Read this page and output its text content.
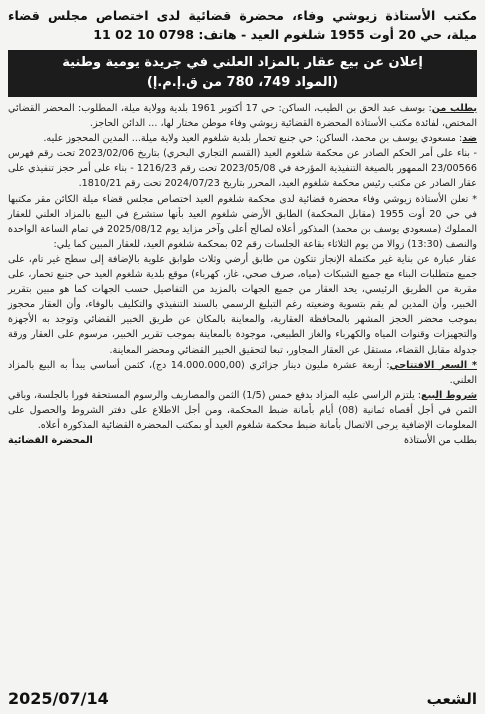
مكتب الأستاذة زيوشي وفاء، محضرة قضائية لدى اختصاص مجلس قضاء ميلة، حي 20 أوت 1955 شلغوم العيد - هاتف: 0798 10 02 11
إعلان عن بيع عقار بالمزاد العلني في جريدة يومية وطنية
(المواد 749، 780 من ق.إ.م.إ)

بطلب من: بوسف عبد الحق بن الطيب، الساكن: حي 17 أكتوبر 1961 بلدية وولاية ميلة، المطلوب: المحضر القضائي المختص، لفائدة مكتب الأستاذة المحضرة القضائية زيوشي وفاء موطن مختار لها، ... الدائن الحاجز.

ضد: مسعودي يوسف بن محمد، الساكن: حي جنبع تحمار بلدية شلغوم العيد ولاية ميلة... المدين المحجوز عليه.

- بناء على أمر الحكم الصادر عن محكمة شلغوم العيد (القسم التجاري البحري) بتاريخ 2023/02/06 تحت رقم فهرس 23/00566 الممهور بالصيغة التنفيذية المؤرخة في 2023/05/08 تحت رقم 1216/23 - بناء على أمر حجز تنفيذي على عقار الصادر عن مكتب رئيس محكمة شلغوم العيد، المحرر بتاريخ 2024/07/23 تحت رقم 1810/21.

* تعلن الأستاذة زيوشي وفاء محضرة قضائية لدى محكمة شلغوم العيد اختصاص مجلس قضاء ميلة الكائن مقر مكتبها في حي 20 أوت 1955 (مقابل المحكمة) الطابق الأرضي شلغوم العيد بأنها ستشرع في البيع بالمزاد العلني للعقار المملوك (مسعودي يوسف بن محمد) المذكور أعلاه لصالح أعلى وآخر مزايد يوم 2025/08/12 في تمام الساعة الواحدة والنصف (13:30) زوالا من يوم الثلاثاء بقاعة الجلسات رقم 02 بمحكمة شلغوم العيد، للعقار المبين كما يلي:

عقار عبارة عن بناية غير مكتملة الإنجاز تتكون من طابق أرضي وثلاث طوابق علوية بالإضافة إلى سطح غير تام، على جميع متطلبات البناء مع جميع الشبكات (مياه، صرف صحي، غاز، كهرباء) موقع بلدية شلغوم العيد حي جنبع تحمار، على مقربة من الطريق الرئيسي، يحد العقار من جميع الجهات بالمزيد من التفاصيل حسب الجهات كما هو مبين بتقرير الخبير، وأن المدين لم يقم بتسوية وضعيته رغم التبليغ الرسمي بالسند التنفيذي والتكليف بالوفاء، وأن العقار محجوز بموجب محضر الحجز المشهر بالمحافظة العقارية، والمعاينة بالمكان عن طريق الخبير القضائي وتوجد به الأجهزة والتجهيزات وقنوات المياه والكهرباء والغاز الطبيعي، موجودة بالمعاينة بموجب تقرير الخبير، مرسوم على العقار ورقة جدولة مقابل القضاء، مستقل عن العقار المجاور، تبعا لتحقيق الخبير القضائي ومحضر المعاينة.

* السعر الافتتاحي: أربعة عشرة مليون دينار جزائري (14.000.000,00 دج)، كثمن أساسي يبدأ به البيع بالمزاد العلني.

شروط البيع: يلتزم الراسي عليه المزاد بدفع خمس (1/5) الثمن والمصاريف والرسوم المستحقة فورا بالجلسة، وباقي الثمن في أجل أقصاه ثمانية (08) أيام بأمانة ضبط المحكمة، ومن أجل الاطلاع على دفتر الشروط والحصول على المعلومات الإضافية يرجى الاتصال بأمانة ضبط محكمة شلغوم العيد أو بمكتب المحضرة القضائية المذكورة أعلاه.

بطلب من الأستاذة
المحضرة القضائية
الشعب
2025/07/14
